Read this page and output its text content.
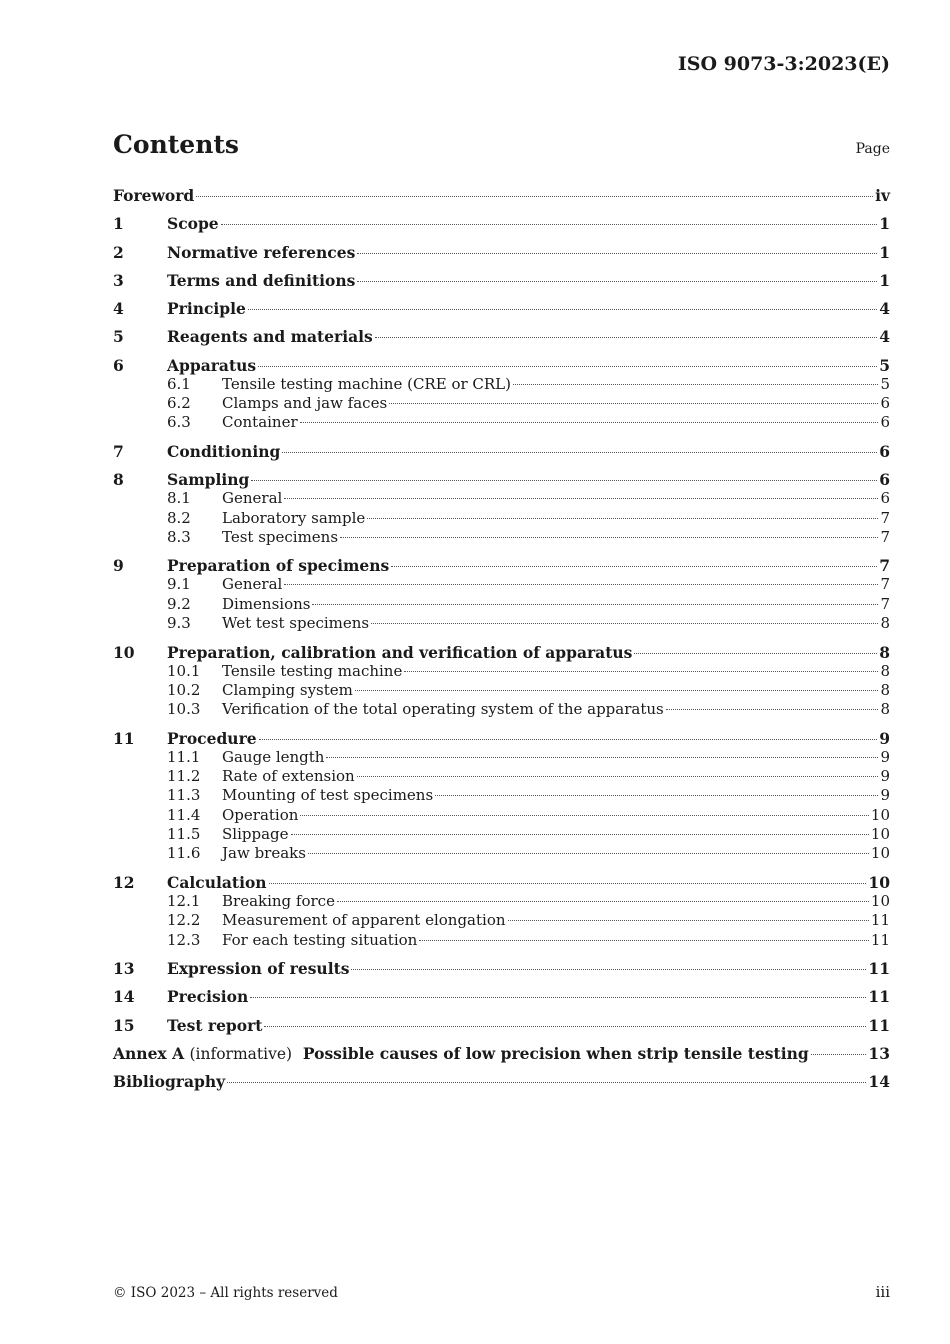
ISO 9073-3:2023(E)
Contents	Page
Foreword	iv
1	Scope	1
2	Normative references	1
3	Terms and definitions	1
4	Principle	4
5	Reagents and materials	4
6	Apparatus	5
6.1	Tensile testing machine (CRE or CRL)	5
6.2	Clamps and jaw faces	6
6.3	Container	6
7	Conditioning	6
8	Sampling	6
8.1	General	6
8.2	Laboratory sample	7
8.3	Test specimens	7
9	Preparation of specimens	7
9.1	General	7
9.2	Dimensions	7
9.3	Wet test specimens	8
10	Preparation, calibration and verification of apparatus	8
10.1	Tensile testing machine	8
10.2	Clamping system	8
10.3	Verification of the total operating system of the apparatus	8
11	Procedure	9
11.1	Gauge length	9
11.2	Rate of extension	9
11.3	Mounting of test specimens	9
11.4	Operation	10
11.5	Slippage	10
11.6	Jaw breaks	10
12	Calculation	10
12.1	Breaking force	10
12.2	Measurement of apparent elongation	11
12.3	For each testing situation	11
13	Expression of results	11
14	Precision	11
15	Test report	11
Annex A (informative) Possible causes of low precision when strip tensile testing	13
Bibliography	14
© ISO 2023 – All rights reserved	iii
